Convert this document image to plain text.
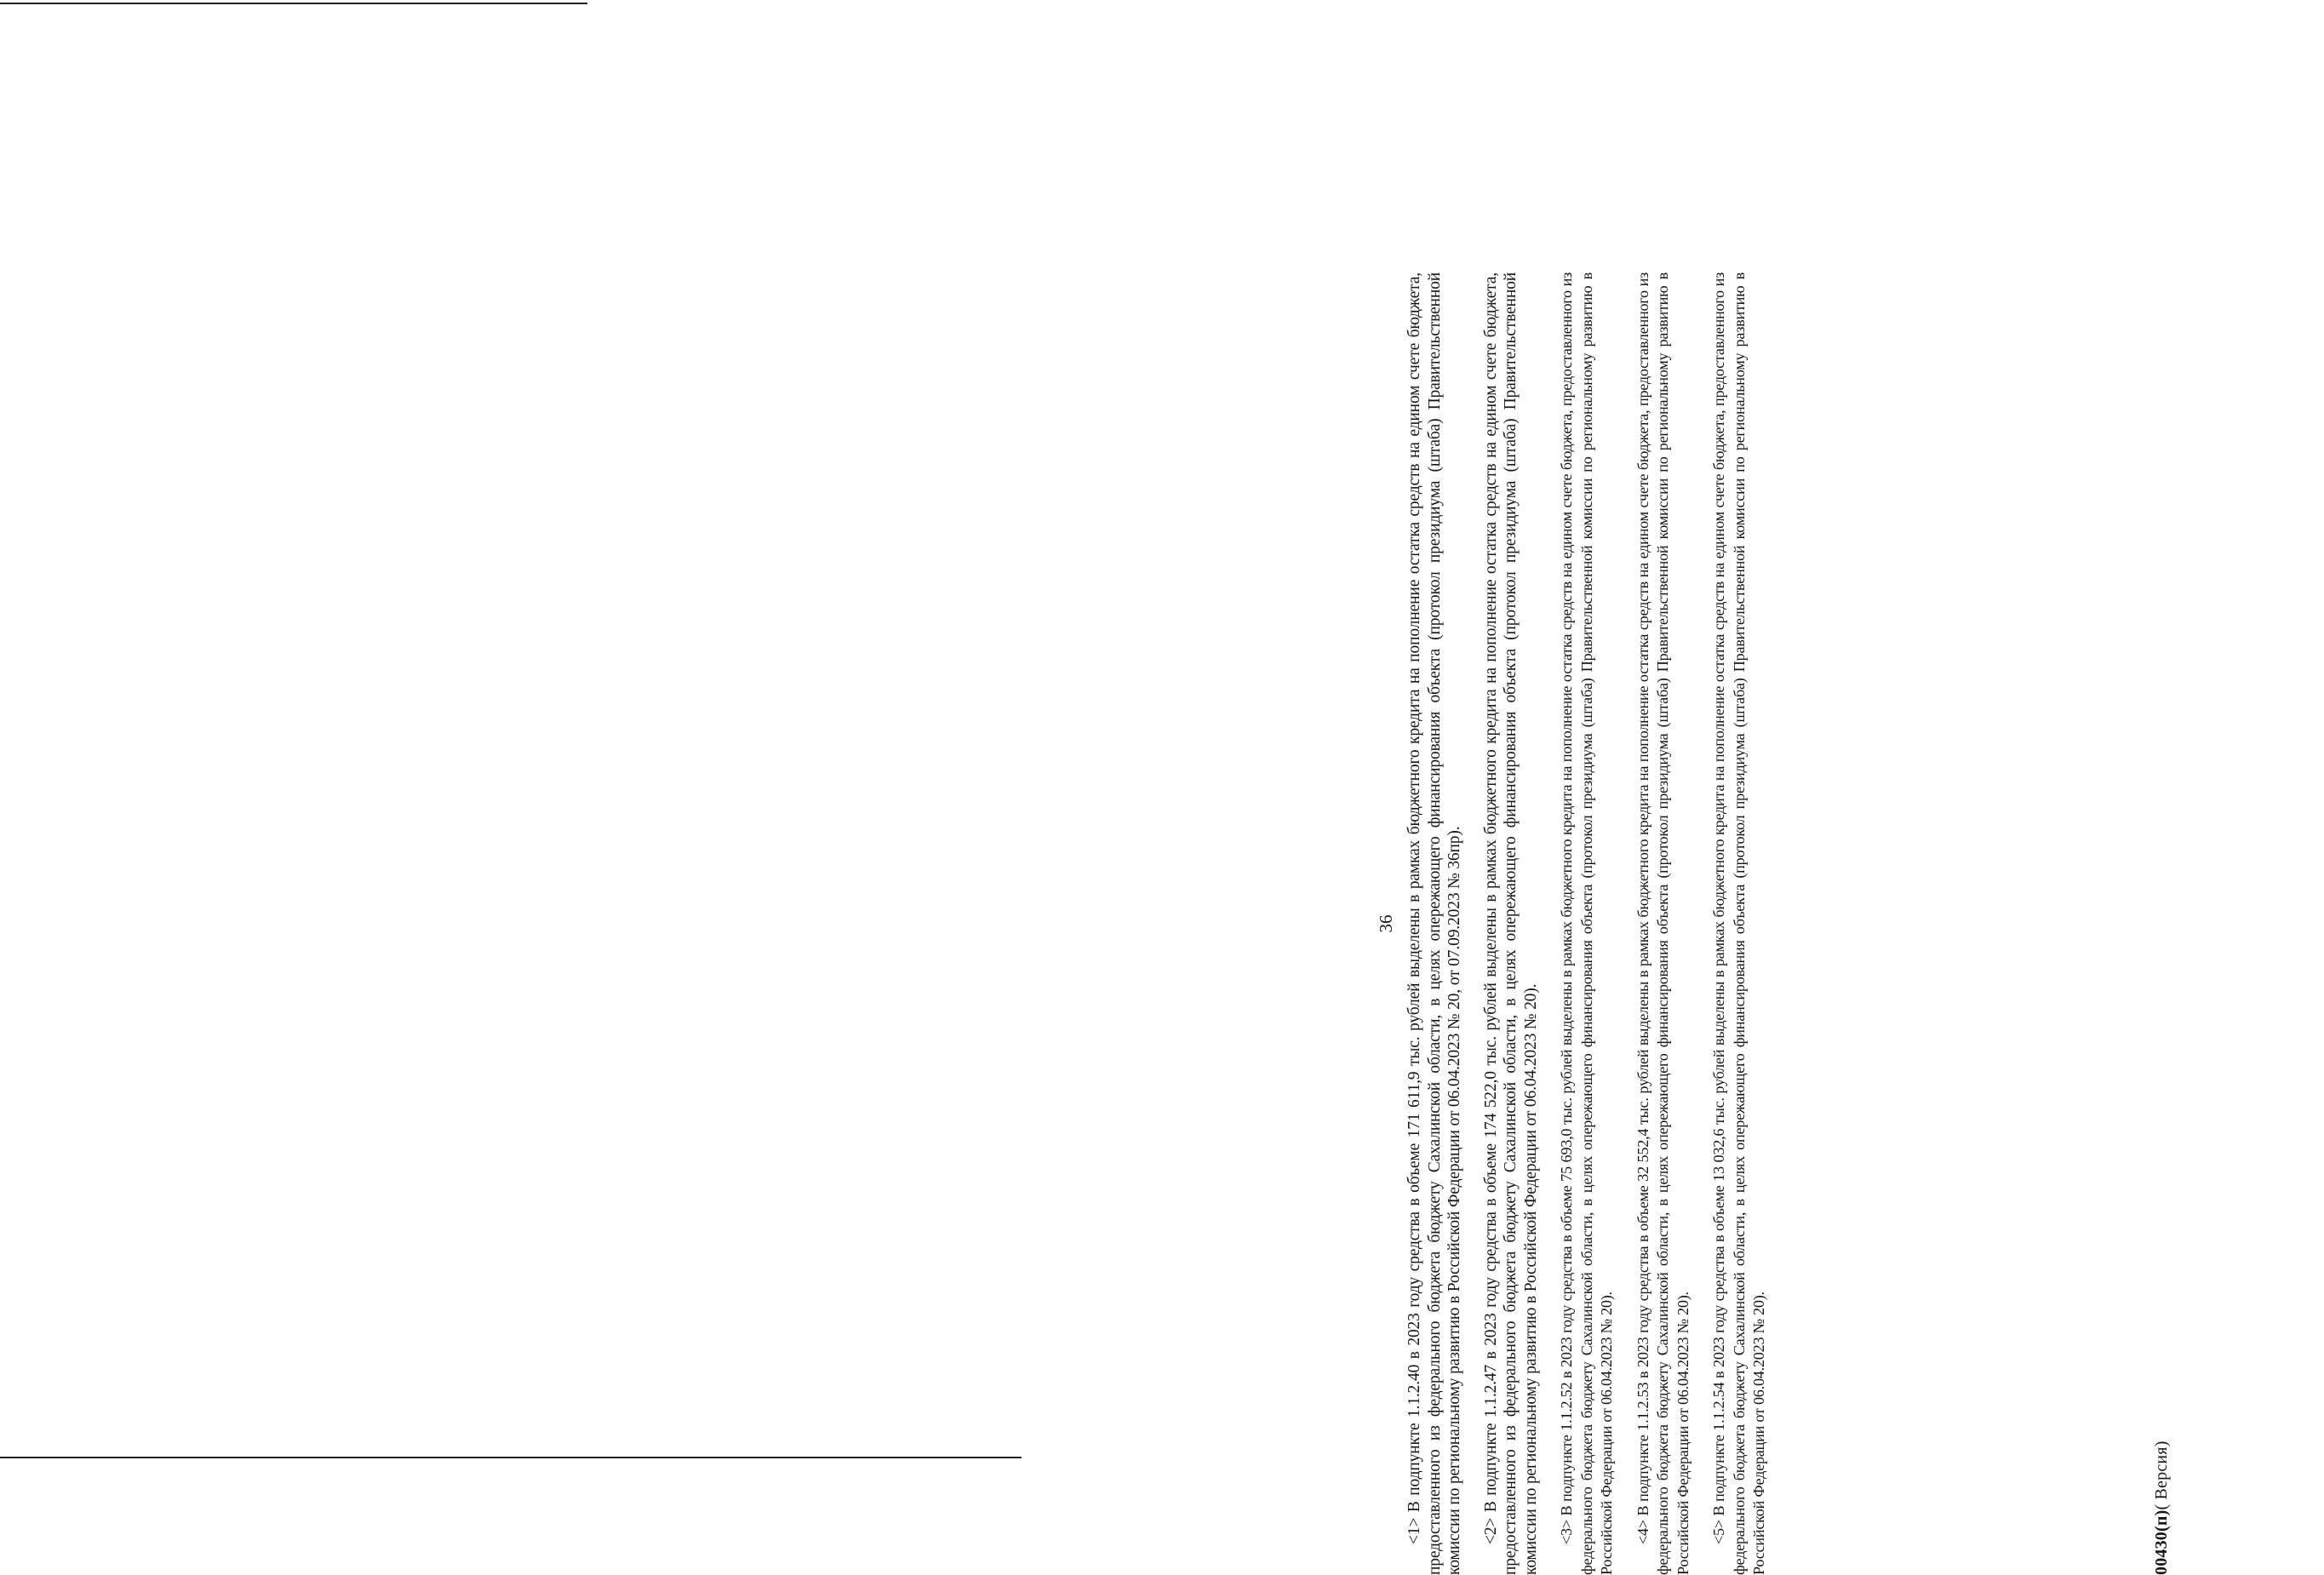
36 <1> В подпункте 1.1.2.40 в 2023 году средства в объеме 171 611,9 тыс. рублей выделены в рамках бюджетного кредита на пополнение остатка средств на едином счете бюджета, предоставленного из федерального бюджета бюджету Сахалинской области, в целях опережающего финансирования объекта (протокол президиума (штаба) Правительственной комиссии по региональному развитию в Российской Федерации от 06.04.2023 № 20, от 07.09.2023 № 36пр). <2> В подпункте 1.1.2.47 в 2023 году средства в объеме 174 522,0 тыс. рублей выделены в рамках бюджетного кредита на пополнение остатка средств на едином счете бюджета, предоставленного из федерального бюджета бюджету Сахалинской области, в целях опережающего финансирования объекта (протокол президиума (штаба) Правительственной комиссии по региональному развитию в Российской Федерации от 06.04.2023 № 20). <3> В подпункте 1.1.2.52 в 2023 году средства в объеме 75 693,0 тыс. рублей выделены в рамках бюджетного кредита на пополнение остатка средств на едином счете бюджета, предоставленного из федерального бюджета бюджету Сахалинской области, в целях опережающего финансирования объекта (протокол президиума (штаба) Правительственной комиссии по региональному развитию в Российской Федерации от 06.04.2023 № 20). <4> В подпункте 1.1.2.53 в 2023 году средства в объеме 32 552,4 тыс. рублей выделены в рамках бюджетного кредита на пополнение остатка средств на едином счете бюджета, предоставленного из федерального бюджета бюджету Сахалинской области, в целях опережающего финансирования объекта (протокол президиума (штаба) Правительственной комиссии по региональному развитию в Российской Федерации от 06.04.2023 № 20). <5> В подпункте 1.1.2.54 в 2023 году средства в объеме 13 032,6 тыс. рублей выделены в рамках бюджетного кредита на пополнение остатка средств на едином счете бюджета, предоставленного из федерального бюджета бюджету Сахалинской области, в целях опережающего финансирования объекта (протокол президиума (штаба) Правительственной комиссии по региональному развитию в Российской Федерации от 06.04.2023 № 20).	00430(п)( Версия)
